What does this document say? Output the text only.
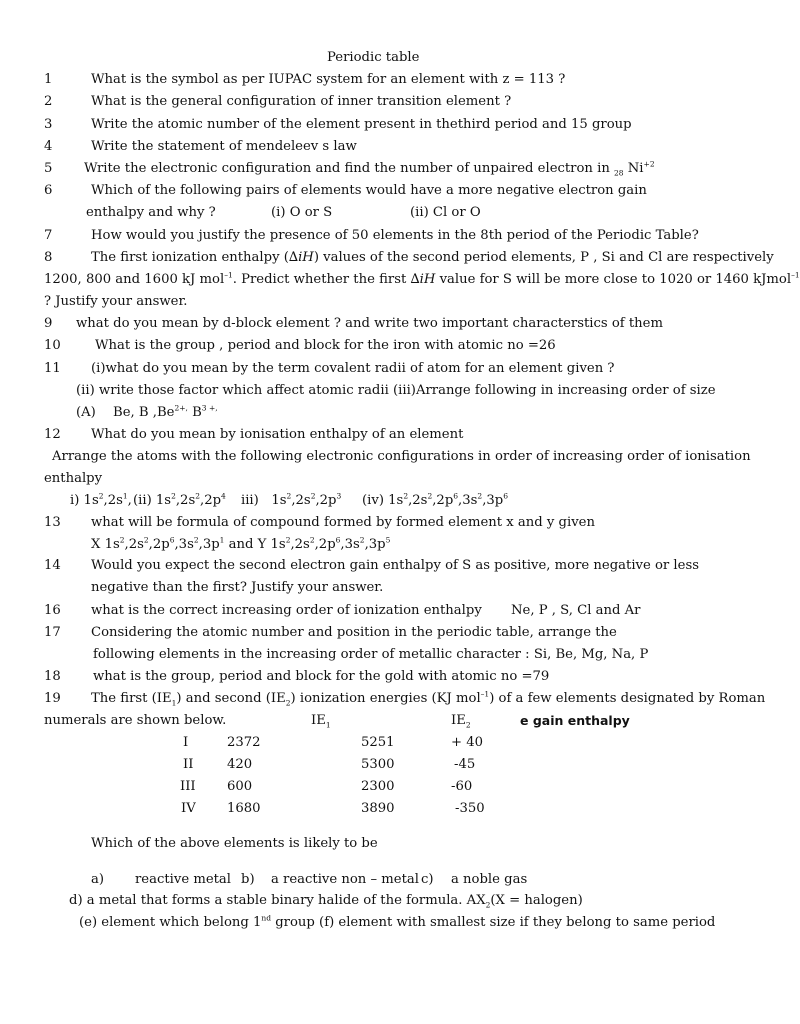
Periodic table
1	What is the symbol as per IUPAC system for an element with z = 113 ?
2	What is the general configuration of inner transition element ?
3	Write the atomic number of the element present in thethird period and 15 group
4	Write the statement of mendeleev s law
5 Write the electronic configuration and find the number of unpaired electron in $_{28}$ $Ni^{+2}$
6	Which of the following pairs of elements would have a more negative electron gain
enthalpy and why ?	(i) O or S	(ii) Cl or O
7	How would you justify the presence of 50 elements in the 8th period of the Periodic Table?
8	The first ionization enthalpy (∆iH) values of the second period elements, P , Si and Cl are respectively
1200, 800 and 1600 kJ mol$^{-1}$. Predict whether the first ∆iH value for S will be more close to 1020 or 1460 kJmol$^{-1}$
? Justify your answer.
9 what do you mean by d-block element ? and write two important characterstics of them
10	What is the group , period and block for the iron with atomic no =26
11 (i)what do you mean by the term covalent radii of atom for an element given ?
(ii) write those factor which affect atomic radii (iii)Arrange following in increasing order of size
(A) Be, B $,Be^{2+,}$ $B^{3 +,}$
12 What do you mean by ionisation enthalpy of an element
Arrange the atoms with the following electronic configurations in order of increasing order of ionisation
enthalpy
i) $1s^2,2s^1$, (ii) $1s^2,2s^2,2p^4$ iii)   $1s^2,2s^2,2p^3$ (iv) $1s^2,2s^2,2p^6,3s^2,3p^6$
13 what will be formula of compound formed by formed element x and y given
X $1s^2,2s^2,2p^6,3s^2,3p^1$ and Y $1s^2,2s^2,2p^6,3s^2,3p^5$
14 Would you expect the second electron gain enthalpy of S as positive, more negative or less
negative than the first? Justify your answer.
16 what is the correct increasing order of ionization enthalpy Ne, P , S, Cl and Ar
17 Considering the atomic number and position in the periodic table, arrange the
following elements in the increasing order of metallic character : Si, Be, Mg, Na, P
18 what is the group, period and block for the gold with atomic no =79
19 The first $(IE_1)$ and second $(IE_2)$ ionization energies (KJ mol$^{-1}$) of a few elements designated by Roman
numerals are shown below.	$IE_1$	$IE_2$	e gain enthalpy
I	2372	5251	+ 40
II	420	5300	-45
III 600	2300	-60
IV 1680	3890	-350
Which of the above elements is likely to be
a) reactive metal b) a reactive non – metal c) a noble gas
d) a metal that forms a stable binary halide of the formula. $AX_2(X$ = halogen)
(e) element which belong 1nd group (f) element with smallest size if they belong to same period
